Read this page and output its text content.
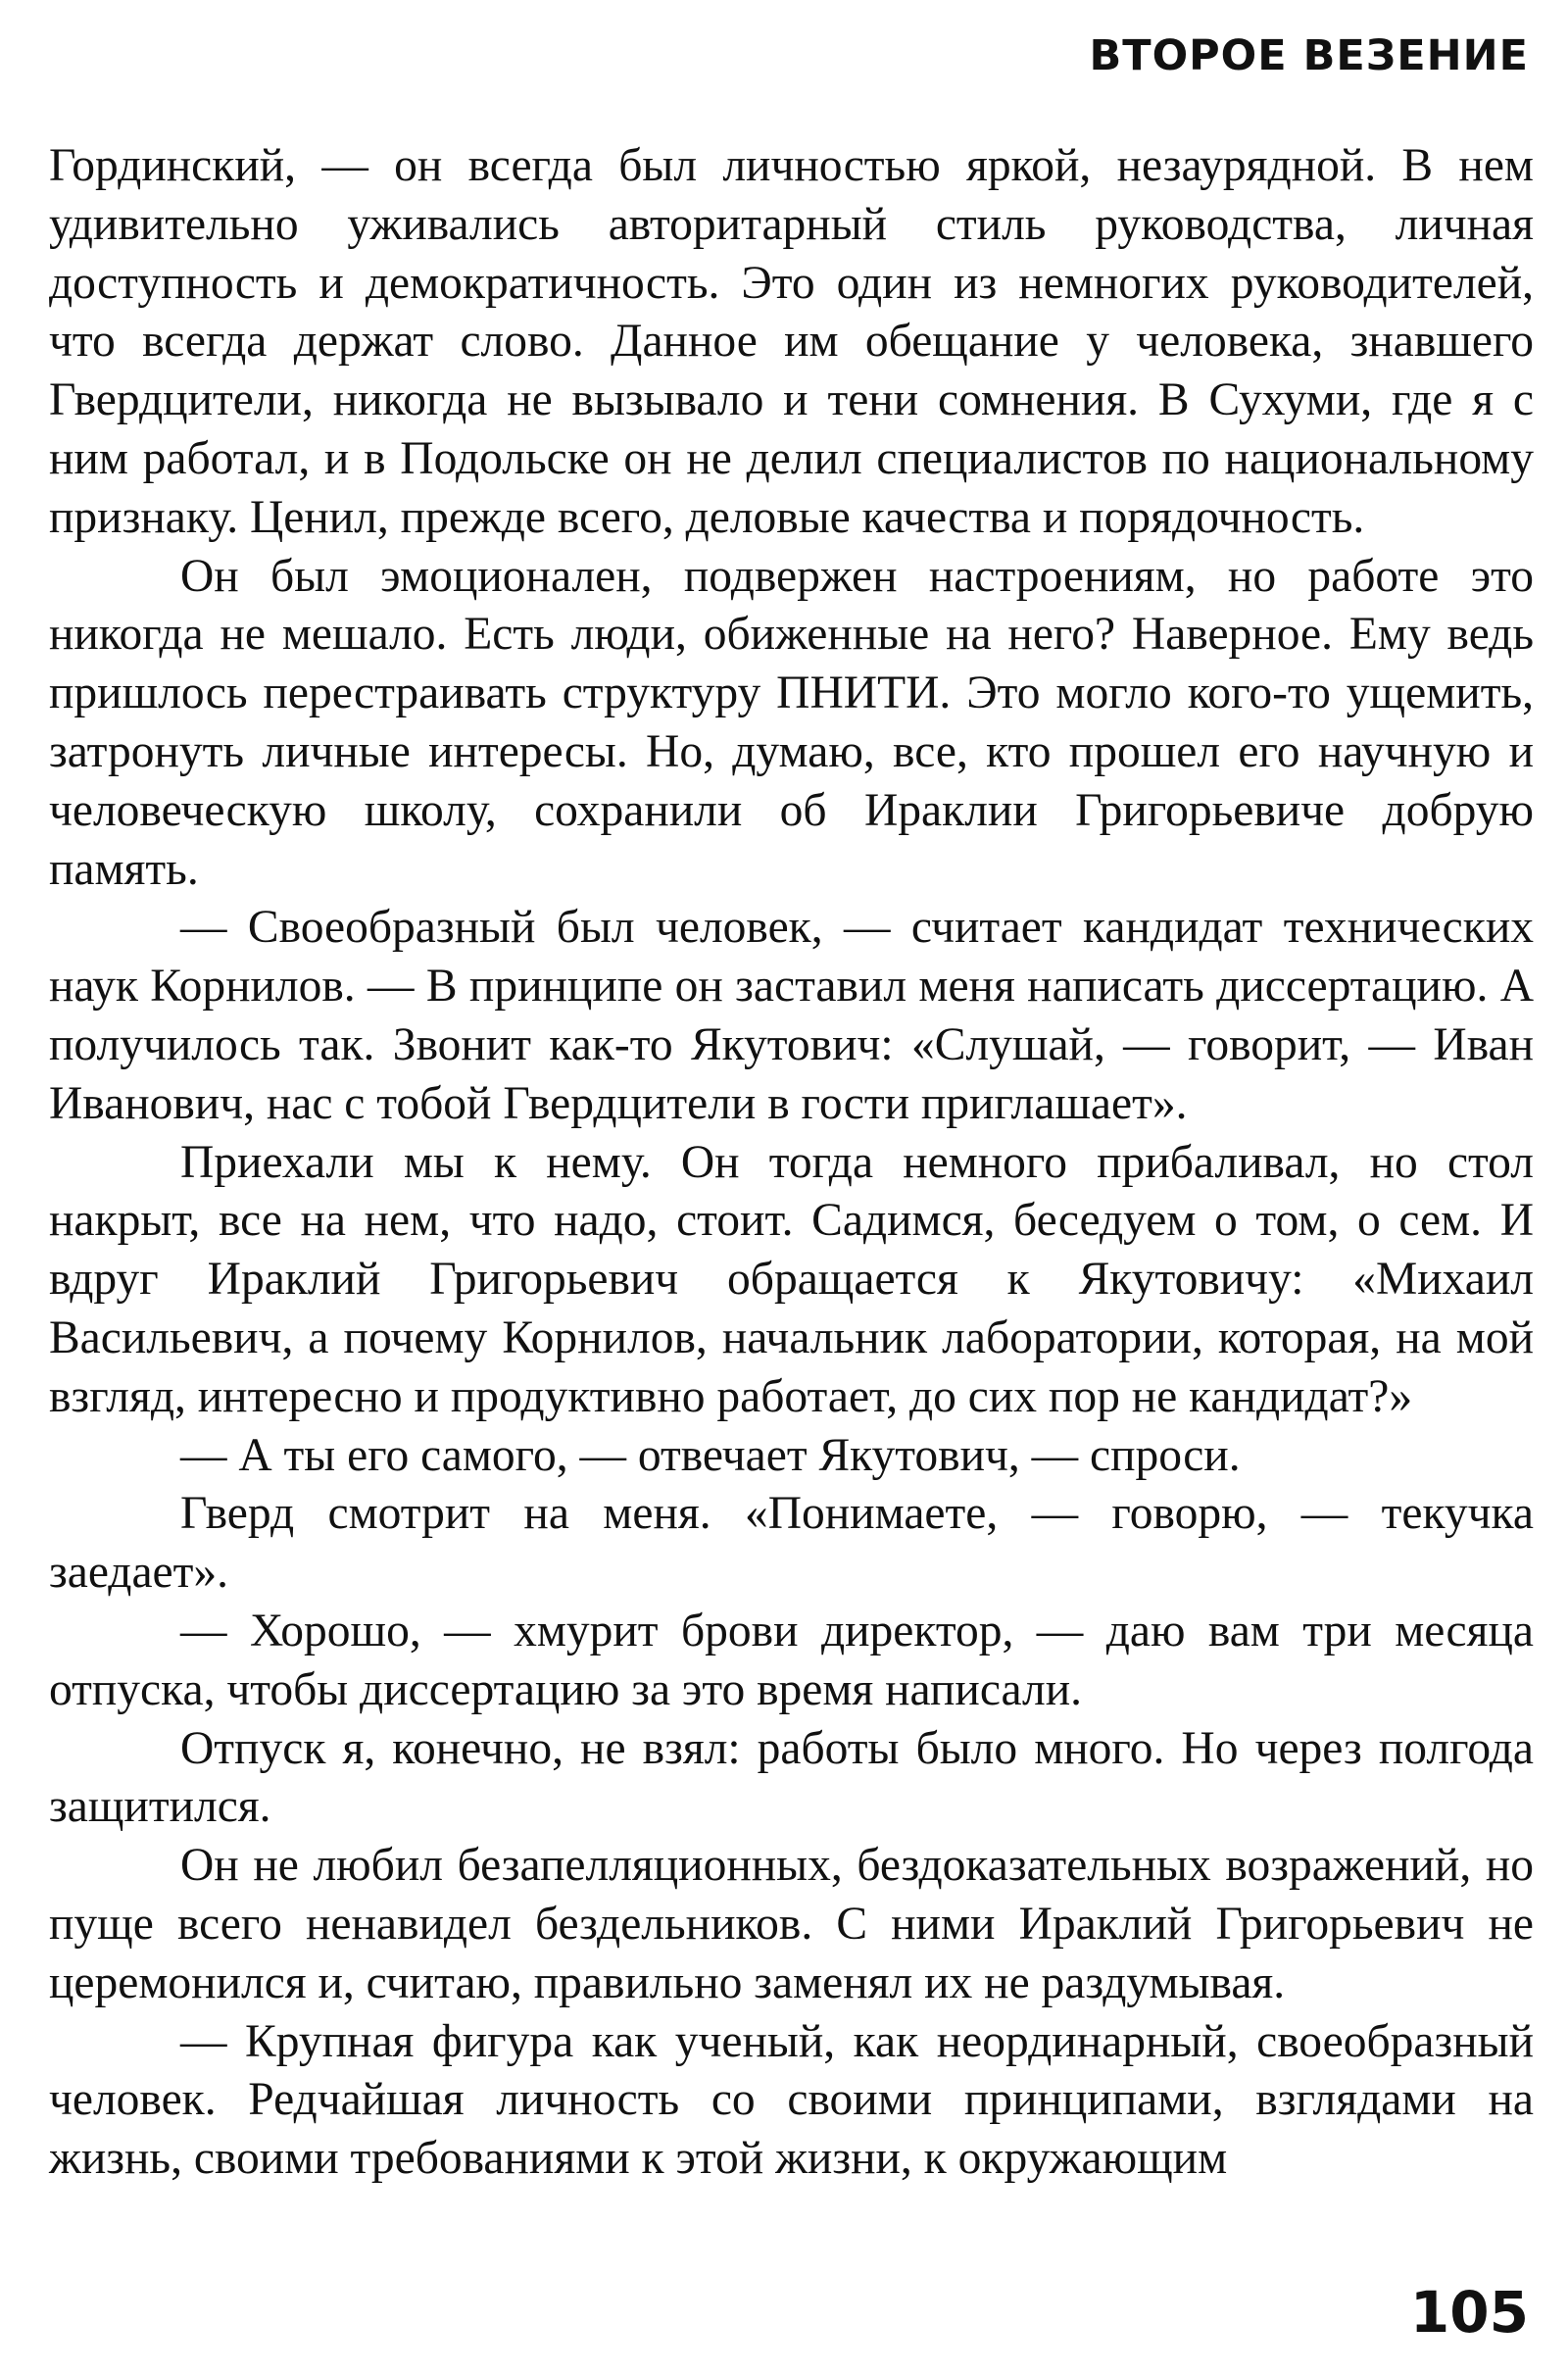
ВТОРОЕ ВЕЗЕНИЕ

Гординский, — он всегда был личностью яркой, незаурядной. В нем удивительно уживались авторитарный стиль руководства, личная доступность и демократичность. Это один из немногих руководителей, что всегда держат слово. Данное им обещание у человека, знавшего Гвердцители, никогда не вызывало и тени сомнения. В Сухуми, где я с ним работал, и в Подольске он не делил специалистов по национальному признаку. Ценил, прежде всего, деловые качества и порядочность.

Он был эмоционален, подвержен настроениям, но работе это никогда не мешало. Есть люди, обиженные на него? Наверное. Ему ведь пришлось перестраивать структуру ПНИТИ. Это могло кого-то ущемить, затронуть личные интересы. Но, думаю, все, кто прошел его научную и человеческую школу, сохранили об Ираклии Григорьевиче добрую память.

— Своеобразный был человек, — считает кандидат технических наук Корнилов. — В принципе он заставил меня написать диссертацию. А получилось так. Звонит как-то Якутович: «Слушай, — говорит, — Иван Иванович, нас с тобой Гвердцители в гости приглашает».

Приехали мы к нему. Он тогда немного прибаливал, но стол накрыт, все на нем, что надо, стоит. Садимся, беседуем о том, о сем. И вдруг Ираклий Григорьевич обращается к Якутовичу: «Михаил Васильевич, а почему Корнилов, начальник лаборатории, которая, на мой взгляд, интересно и продуктивно работает, до сих пор не кандидат?»

— А ты его самого, — отвечает Якутович, — спроси.

Гверд смотрит на меня. «Понимаете, — говорю, — текучка заедает».

— Хорошо, — хмурит брови директор, — даю вам три месяца отпуска, чтобы диссертацию за это время написали.

Отпуск я, конечно, не взял: работы было много. Но через полгода защитился.

Он не любил безапелляционных, бездоказательных возражений, но пуще всего ненавидел бездельников. С ними Ираклий Григорьевич не церемонился и, считаю, правильно заменял их не раздумывая.

— Крупная фигура как ученый, как неординарный, своеобразный человек. Редчайшая личность со своими принципами, взглядами на жизнь, своими требованиями к этой жизни, к окружающим

105
